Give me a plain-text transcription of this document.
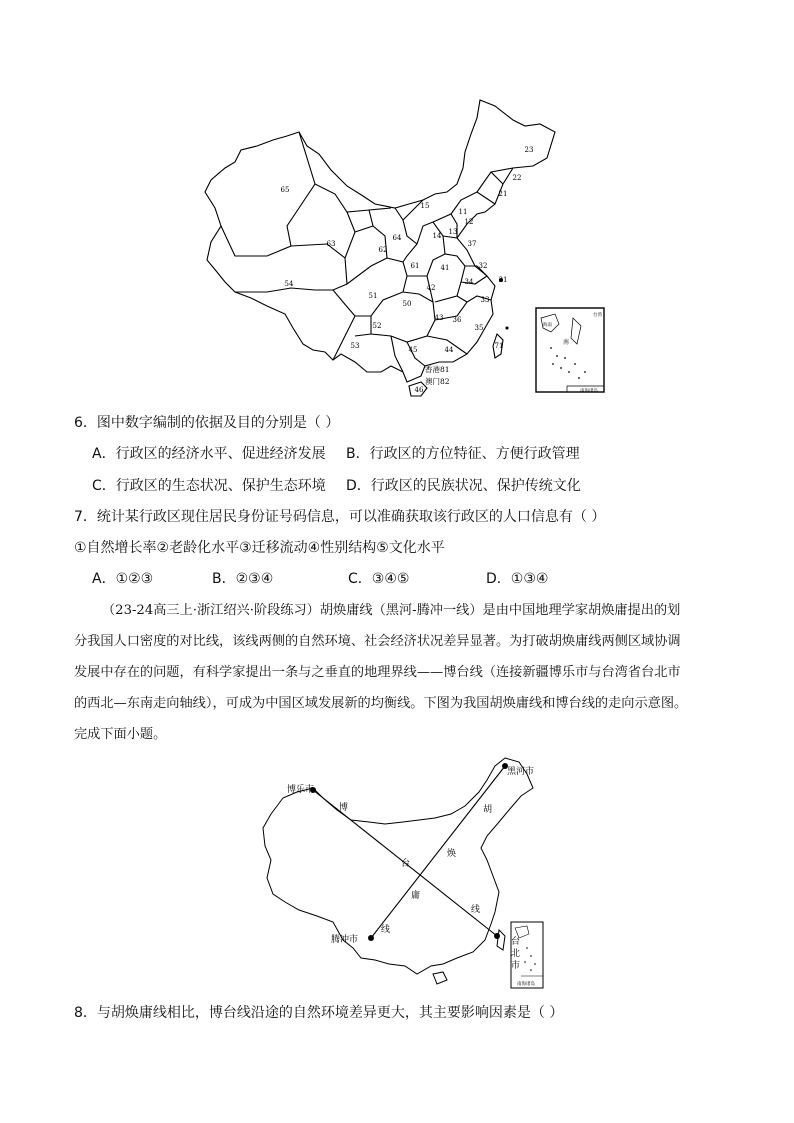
65
23
22
21
15
11
12
14 13
37
64
62
63
61	41	32
31
34
54
51
42
50
43 36
33
52	35
53	45	44
46
71
香港81
澳门82
台湾
海南
南
南海诸岛
6．图中数字编制的依据及目的分别是（ ）
A．行政区的经济水平、促进经济发展 B．行政区的方位特征、方便行政管理
C．行政区的生态状况、保护生态环境 D．行政区的民族状况、保护传统文化
7．统计某行政区现住居民身份证号码信息，可以准确获取该行政区的人口信息有（ ）
①自然增长率②老龄化水平③迁移流动④性别结构⑤文化水平
A．①②③	B．②③④	C．③④⑤	D．①③④
（23-24高三上·浙江绍兴·阶段练习）胡焕庸线（黑河-腾冲一线）是由中国地理学家胡焕庸提出的划
分我国人口密度的对比线，该线两侧的自然环境、社会经济状况差异显著。为打破胡焕庸线两侧区域协调
发展中存在的问题，有科学家提出一条与之垂直的地理界线——博台线（连接新疆博乐市与台湾省台北市
的西北—东南走向轴线），可成为中国区域发展新的均衡线。下图为我国胡焕庸线和博台线的走向示意图。
完成下面小题。
博乐市
黑河市
腾冲市	台
北
市
博
台
线
胡
焕
庸
线
南海诸岛
8．与胡焕庸线相比，博台线沿途的自然环境差异更大，其主要影响因素是（ ）
